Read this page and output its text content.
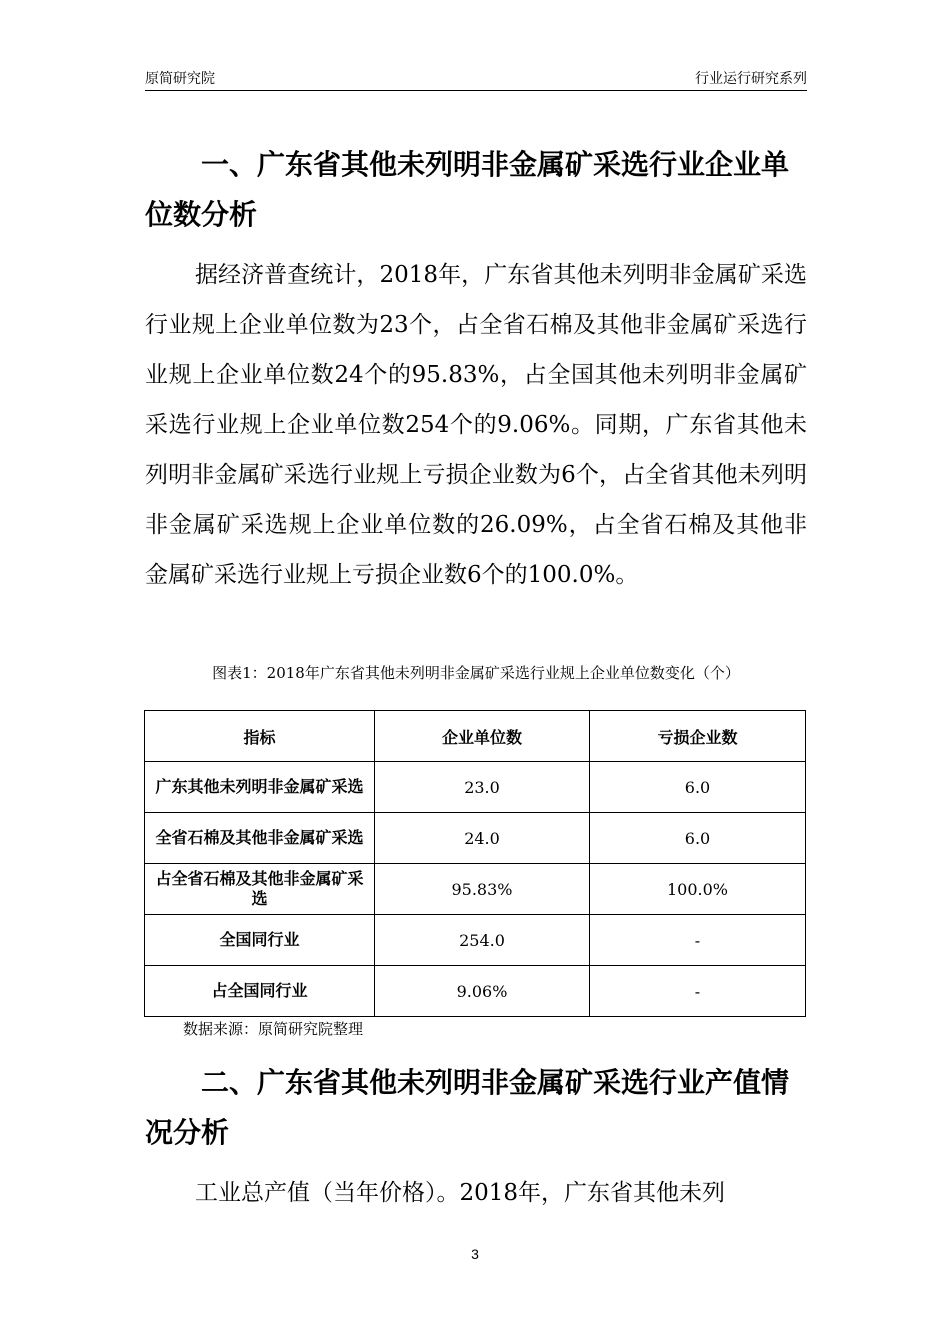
原简研究院	行业运行研究系列
一、广东省其他未列明非金属矿采选行业企业单位数分析

据经济普查统计，2018年，广东省其他未列明非金属矿采选行业规上企业单位数为23个，占全省石棉及其他非金属矿采选行业规上企业单位数24个的95.83%，占全国其他未列明非金属矿采选行业规上企业单位数254个的9.06%。同期，广东省其他未列明非金属矿采选行业规上亏损企业数为6个，占全省其他未列明非金属矿采选规上企业单位数的26.09%，占全省石棉及其他非金属矿采选行业规上亏损企业数6个的100.0%。

图表1：2018年广东省其他未列明非金属矿采选行业规上企业单位数变化（个）
指标	企业单位数	亏损企业数
广东其他未列明非金属矿采选	23.0	6.0
全省石棉及其他非金属矿采选	24.0	6.0
占全省石棉及其他非金属矿采选	95.83%	100.0%
全国同行业	254.0	-
占全国同行业	9.06%	-
数据来源：原简研究院整理
二、广东省其他未列明非金属矿采选行业产值情况分析

工业总产值（当年价格）。2018年，广东省其他未列

3
